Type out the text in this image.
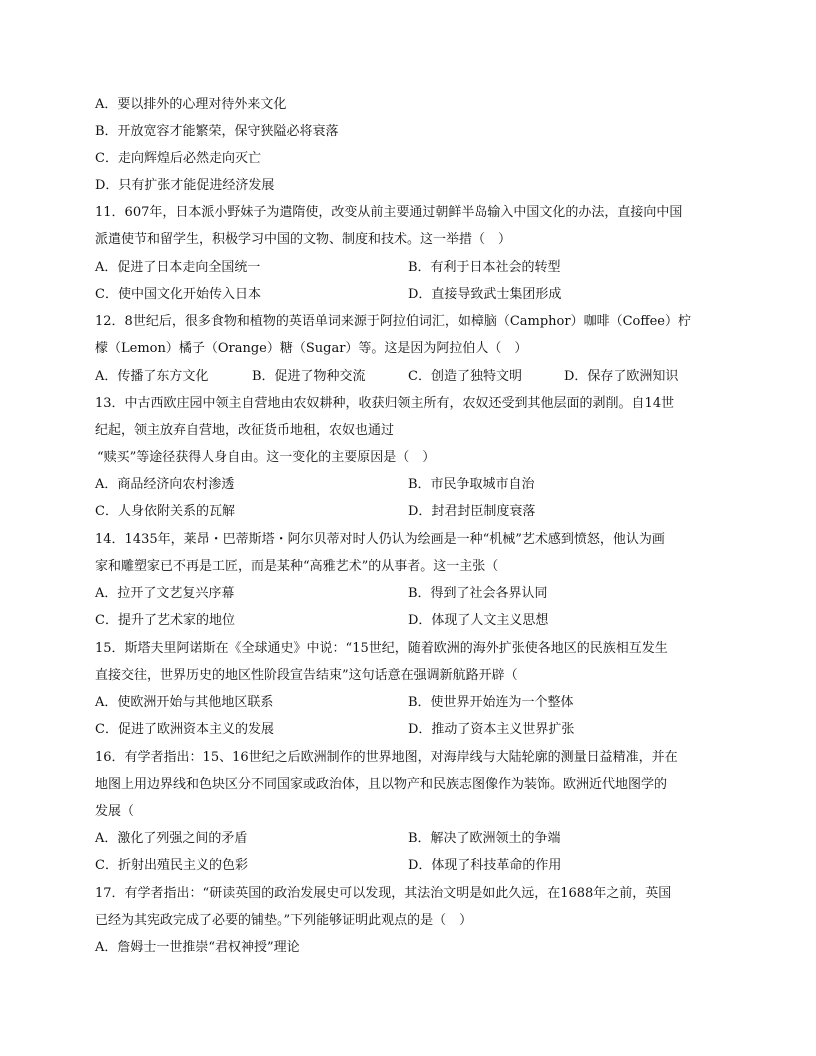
A．要以排外的心理对待外来文化
B．开放宽容才能繁荣，保守狭隘必将衰落
C．走向辉煌后必然走向灭亡
D．只有扩张才能促进经济发展
11．607年，日本派小野妹子为遣隋使，改变从前主要通过朝鲜半岛输入中国文化的办法，直接向中国
派遣使节和留学生，积极学习中国的文物、制度和技术。这一举措（　）
A．促进了日本走向全国统一	B．有利于日本社会的转型
C．使中国文化开始传入日本	D．直接导致武士集团形成
12．8世纪后，很多食物和植物的英语单词来源于阿拉伯词汇，如樟脑（Camphor）咖啡（Coffee）柠
檬（Lemon）橘子（Orange）糖（Sugar）等。这是因为阿拉伯人（　）
A．传播了东方文化	B．促进了物种交流	C．创造了独特文明	D．保存了欧洲知识
13．中古西欧庄园中领主自营地由农奴耕种，收获归领主所有，农奴还受到其他层面的剥削。自14世
纪起，领主放弃自营地，改征货币地租，农奴也通过
“赎买”等途径获得人身自由。这一变化的主要原因是（　）
A．商品经济向农村渗透	B．市民争取城市自治
C．人身依附关系的瓦解	D．封君封臣制度衰落
14．1435年，莱昂・巴蒂斯塔・阿尔贝蒂对时人仍认为绘画是一种“机械”艺术感到愤怒，他认为画
家和雕塑家已不再是工匠，而是某种“高雅艺术”的从事者。这一主张（
A．拉开了文艺复兴序幕	B．得到了社会各界认同
C．提升了艺术家的地位	D．体现了人文主义思想
15．斯塔夫里阿诺斯在《全球通史》中说：“15世纪，随着欧洲的海外扩张使各地区的民族相互发生
直接交往，世界历史的地区性阶段宣告结束”这句话意在强调新航路开辟（
A．使欧洲开始与其他地区联系	B．使世界开始连为一个整体
C．促进了欧洲资本主义的发展	D．推动了资本主义世界扩张
16．有学者指出：15、16世纪之后欧洲制作的世界地图，对海岸线与大陆轮廓的测量日益精准，并在
地图上用边界线和色块区分不同国家或政治体，且以物产和民族志图像作为装饰。欧洲近代地图学的
发展（
A．激化了列强之间的矛盾	B．解决了欧洲领土的争端
C．折射出殖民主义的色彩	D．体现了科技革命的作用
17．有学者指出：“研读英国的政治发展史可以发现，其法治文明是如此久远，在1688年之前，英国
已经为其宪政完成了必要的铺垫。”下列能够证明此观点的是（　）
A．詹姆士一世推崇“君权神授”理论
